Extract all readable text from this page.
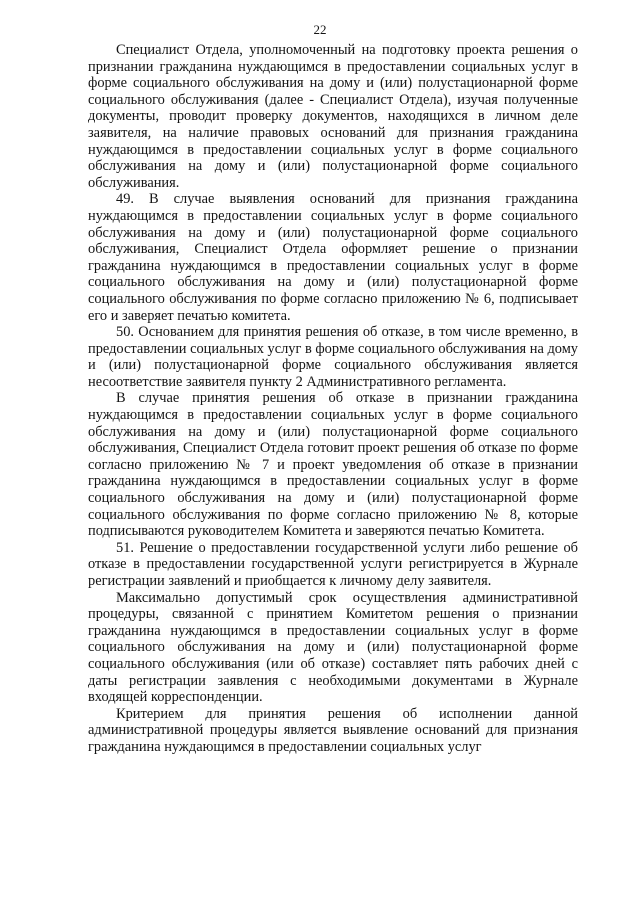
22

Специалист Отдела, уполномоченный на подготовку проекта решения о признании гражданина нуждающимся в предоставлении социальных услуг в форме социального обслуживания на дому и (или) полустационарной форме социального обслуживания (далее - Специалист Отдела), изучая полученные документы, проводит проверку документов, находящихся в личном деле заявителя, на наличие правовых оснований для признания гражданина нуждающимся в предоставлении социальных услуг в форме социального обслуживания на дому и (или) полустационарной форме социального обслуживания.

49. В случае выявления оснований для признания гражданина нуждающимся в предоставлении социальных услуг в форме социального обслуживания на дому и (или) полустационарной форме социального обслуживания, Специалист Отдела оформляет решение о признании гражданина нуждающимся в предоставлении социальных услуг в форме социального обслуживания на дому и (или) полустационарной форме социального обслуживания по форме согласно приложению № 6, подписывает его и заверяет печатью комитета.

50. Основанием для принятия решения об отказе, в том числе временно, в предоставлении социальных услуг в форме социального обслуживания на дому и (или) полустационарной форме социального обслуживания является несоответствие заявителя пункту 2 Административного регламента.

В случае принятия решения об отказе в признании гражданина нуждающимся в предоставлении социальных услуг в форме социального обслуживания на дому и (или) полустационарной форме социального обслуживания, Специалист Отдела готовит проект решения об отказе по форме согласно приложению № 7 и проект уведомления об отказе в признании гражданина нуждающимся в предоставлении социальных услуг в форме социального обслуживания на дому и (или) полустационарной форме социального обслуживания по форме согласно приложению № 8, которые подписываются руководителем Комитета и заверяются печатью Комитета.

51. Решение о предоставлении государственной услуги либо решение об отказе в предоставлении государственной услуги регистрируется в Журнале регистрации заявлений и приобщается к личному делу заявителя.

Максимально допустимый срок осуществления административной процедуры, связанной с принятием Комитетом решения о признании гражданина нуждающимся в предоставлении социальных услуг в форме социального обслуживания на дому и (или) полустационарной форме социального обслуживания (или об отказе) составляет пять рабочих дней с даты регистрации заявления с необходимыми документами в Журнале входящей корреспонденции.

Критерием для принятия решения об исполнении данной административной процедуры является выявление оснований для признания гражданина нуждающимся в предоставлении социальных услуг
